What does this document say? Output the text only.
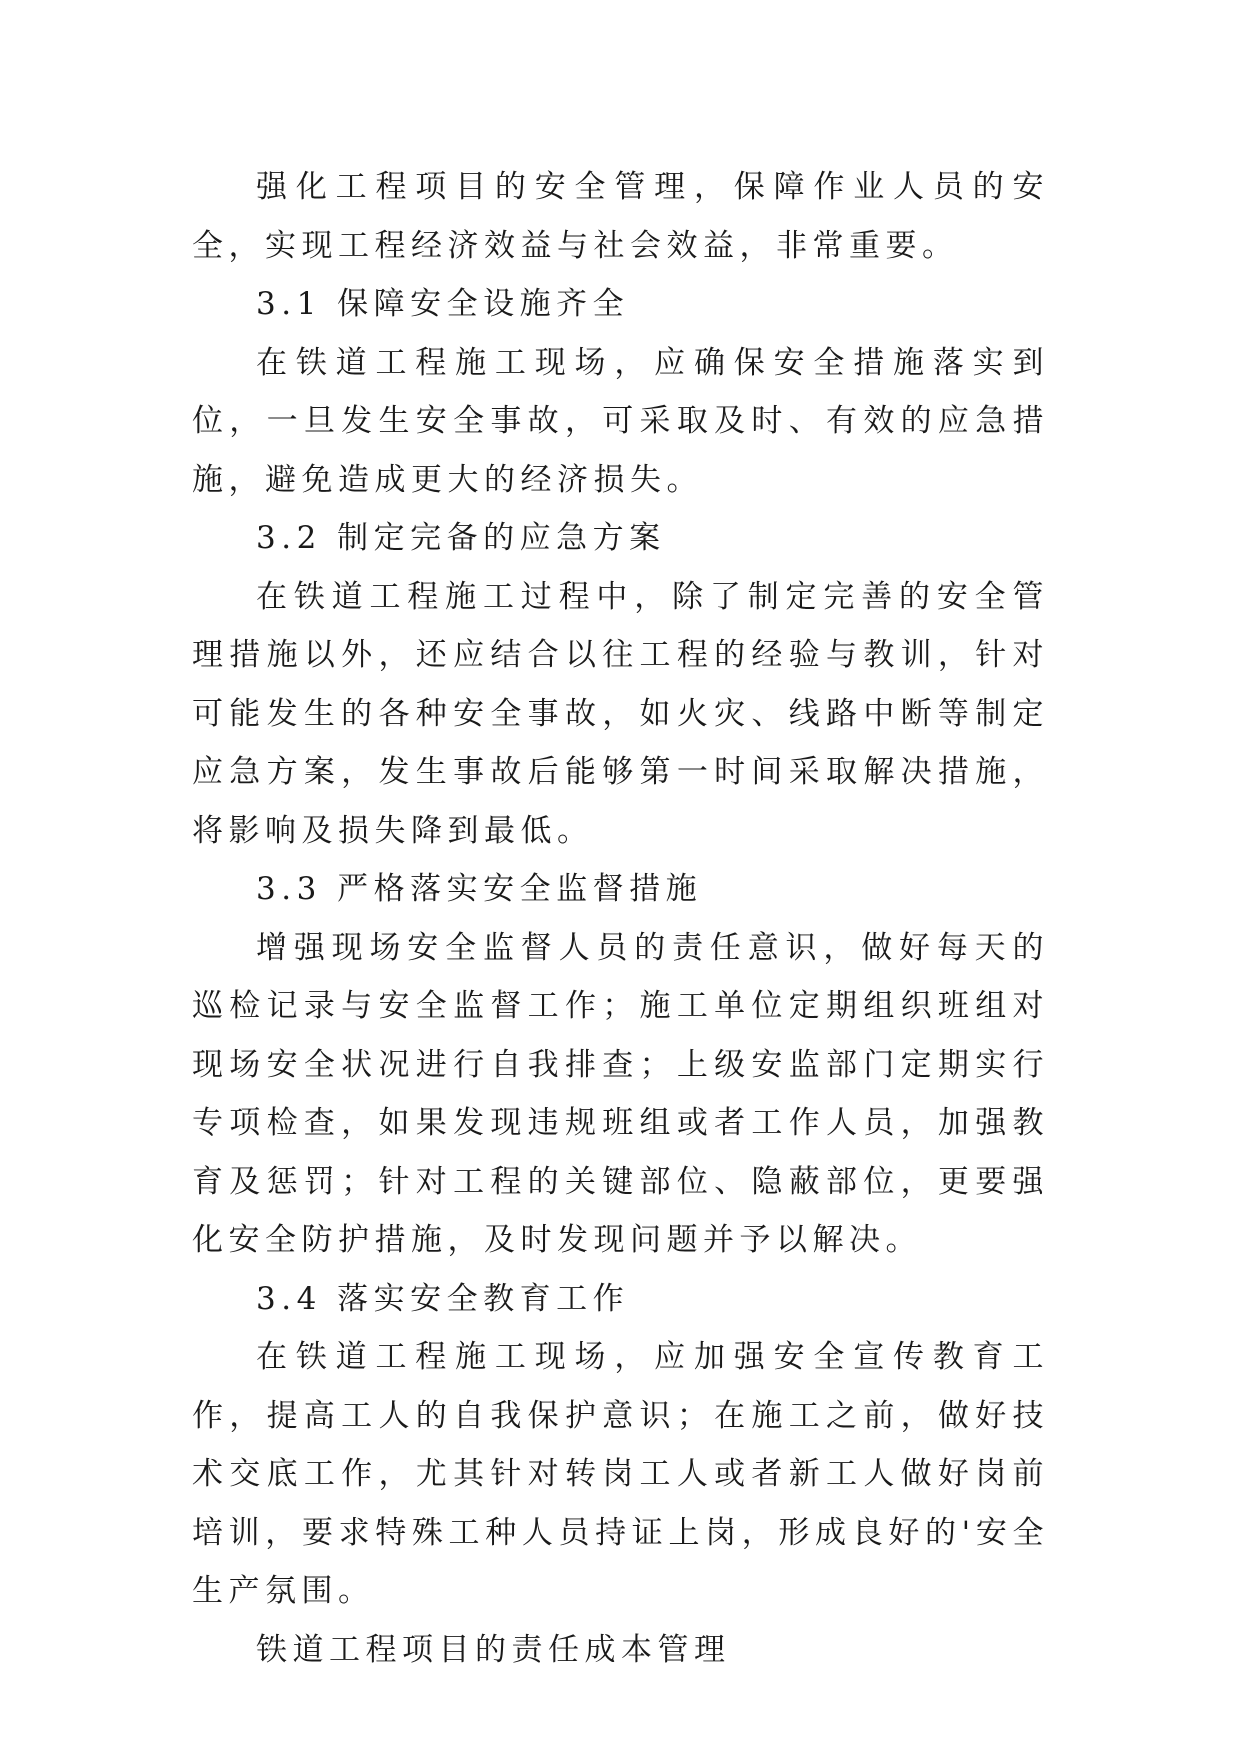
强化工程项目的安全管理，保障作业人员的安全，实现工程经济效益与社会效益，非常重要。

3.1 保障安全设施齐全

在铁道工程施工现场，应确保安全措施落实到位，一旦发生安全事故，可采取及时、有效的应急措施，避免造成更大的经济损失。

3.2 制定完备的应急方案

在铁道工程施工过程中，除了制定完善的安全管理措施以外，还应结合以往工程的经验与教训，针对可能发生的各种安全事故，如火灾、线路中断等制定应急方案，发生事故后能够第一时间采取解决措施，将影响及损失降到最低。

3.3 严格落实安全监督措施

增强现场安全监督人员的责任意识，做好每天的巡检记录与安全监督工作；施工单位定期组织班组对现场安全状况进行自我排查；上级安监部门定期实行专项检查，如果发现违规班组或者工作人员，加强教育及惩罚；针对工程的关键部位、隐蔽部位，更要强化安全防护措施，及时发现问题并予以解决。

3.4 落实安全教育工作

在铁道工程施工现场，应加强安全宣传教育工作，提高工人的自我保护意识；在施工之前，做好技术交底工作，尤其针对转岗工人或者新工人做好岗前培训，要求特殊工种人员持证上岗，形成良好的'安全生产氛围。

铁道工程项目的责任成本管理
